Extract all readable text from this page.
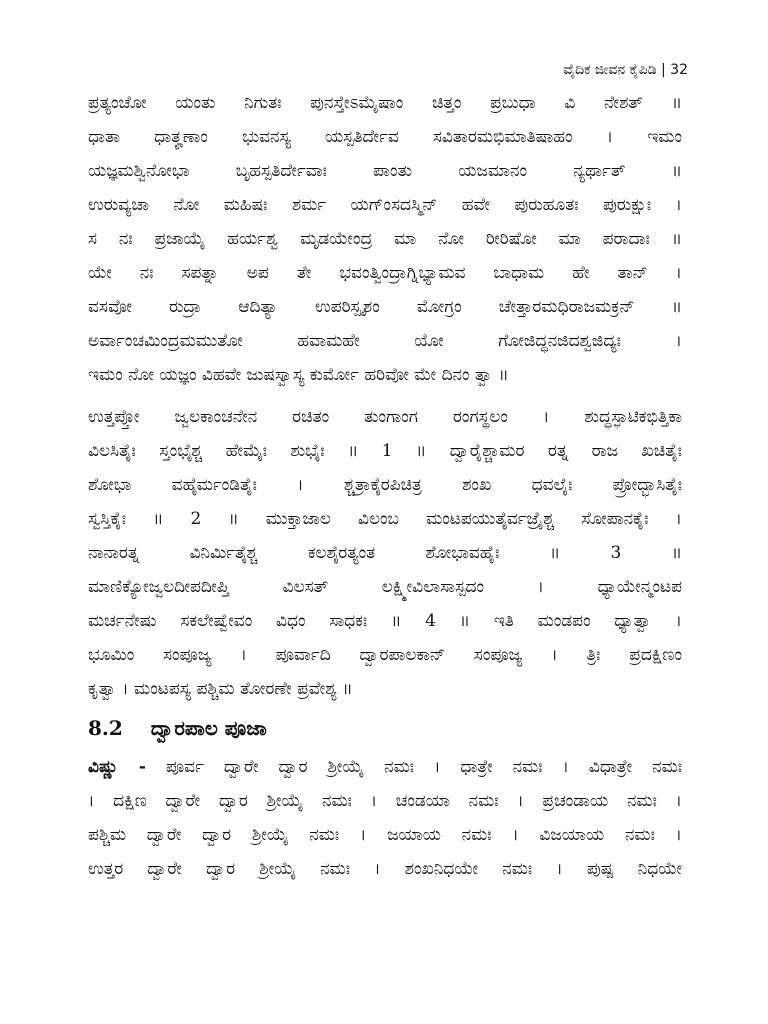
ವೈದಿಕ ಜೀವನ ಕೈಪಿಡಿ | 32
ಪ್ರತ್ಯಂಚೋ ಯಂತು ನಿಗುತಃ ಪುನಸ್ತೇಽಮೈಷಾಂ ಚಿತ್ತಂ ಪ್ರಬುಧಾ ವಿ ನೇಶತ್ ॥
ಧಾತಾ ಧಾತೄಣಾಂ ಭುವನಸ್ಯ ಯಸ್ಪತಿರ್ದೇವ ಸವಿತಾರಮಭಿಮಾತಿಷಾಹಂ । ಇಮಂ
ಯಜ್ಞಮಶ್ವಿನೋಭಾ ಬೃಹಸ್ಪತಿರ್ದೇವಾಃ ಪಾಂತು ಯಜಮಾನಂ ನ್ಯರ್ಥಾತ್ ॥
ಉರುವ್ಯಚಾ ನೋ ಮಹಿಷಃ ಶರ್ಮ ಯಗ್ಂಸದಸ್ಮಿನ್ ಹವೇ ಪುರುಹೂತಃ ಪುರುಕ್ಷುಃ ।
ಸ ನಃ ಪ್ರಜಾಯೈ ಹರ್ಯಶ್ವ ಮೃಡಯೇಂದ್ರ ಮಾ ನೋ ರೀರಿಷೋ ಮಾ ಪರಾದಾಃ ॥
ಯೇ ನಃ ಸಪತ್ನಾ ಅಪ ತೇ ಭವಂತ್ವಿಂದ್ರಾಗ್ನಿಭ್ಯಾಮವ ಬಾಧಾಮ ಹೇ ತಾನ್ ।
ವಸವೋ ರುದ್ರಾ ಆದಿತ್ಯಾ ಉಪರಿಸ್ಪೃಶಂ ಮೋಗ್ರಂ ಚೇತ್ತಾರಮಧಿರಾಜಮಕ್ರನ್ ॥
ಅರ್ವಾಂಚಮಿಂದ್ರಮಮುತೋ ಹವಾಮಹೇ ಯೋ ಗೋಜಿದ್ಧನಜಿದಶ್ವಜಿದ್ಯಃ ।
ಇಮಂ ನೋ ಯಜ್ಞಂ ವಿಹವೇ ಜುಷಸ್ವಾಸ್ಯ ಕುರ್ಮೋ ಹರಿವೋ ಮೇ ದಿನಂ ತ್ವಾ ॥
ಉತ್ತಪ್ತೋ ಜ್ವಲಕಾಂಚನೇನ ರಚಿತಂ ತುಂಗಾಂಗ ರಂಗಸ್ಥಲಂ । ಶುದ್ಧಸ್ಫಾಟಿಕಭಿತ್ತಿಕಾ
ವಿಲಸಿತೈಃ ಸ್ತಂಭೈಶ್ಚ ಹೇಮೈಃ ಶುಭೈಃ ॥ 1 ॥ ದ್ವಾರೈಶ್ಚಾಮರ ರತ್ನ ರಾಜ ಖಚಿತೈಃ
ಶೋಭಾ ವಹೈರ್ಮಂಡಿತೈಃ । ಶ್ಚತ್ರಾಕೈರಪಿಚಿತ್ರ ಶಂಖ ಧವಲೈಃ ಪ್ರೋದ್ಭಾಸಿತೈಃ
ಸ್ವಸ್ತಿಕೈಃ ॥ 2 ॥ ಮುಕ್ತಾಜಾಲ ವಿಲಂಬ ಮಂಟಪಯುತೈರ್ವಜ್ರೈಶ್ಚ ಸೋಪಾನಕೈಃ ।
ನಾನಾರತ್ನ ವಿನಿರ್ಮಿತೈಶ್ಚ ಕಲಶೈರತ್ಯಂತ ಶೋಭಾವಹೈಃ ॥ 3 ॥
ಮಾಣಿಕ್ಯೋಜ್ವಲದೀಪದೀಪ್ತಿ ವಿಲಸತ್ ಲಕ್ಷ್ಮೀವಿಲಾಸಾಸ್ಪದಂ । ಧ್ಯಾಯೇನ್ಮಂಟಪ
ಮರ್ಚನೇಷು ಸಕಲೇಷ್ವೇವಂ ವಿಧಂ ಸಾಧಕಃ ॥ 4 ॥ ಇತಿ ಮಂಡಪಂ ಧ್ಯಾತ್ವಾ ।
ಭೂಮಿಂ ಸಂಪೂಜ್ಯ । ಪೂರ್ವಾದಿ ದ್ವಾರಪಾಲಕಾನ್ ಸಂಪೂಜ್ಯ । ತ್ರಿಃ ಪ್ರದಕ್ಷಿಣಂ
ಕೃತ್ವಾ । ಮಂಟಪಸ್ಯ ಪಶ್ಚಿಮ ತೋರಣೇ ಪ್ರವೇಶ್ಯ ॥
8.2 ದ್ವಾರಪಾಲ ಪೂಜಾ
ವಿಷ್ಣು - ಪೂರ್ವ ದ್ವಾರೇ ದ್ವಾರ ಶ್ರೀಯೈ ನಮಃ । ಧಾತ್ರೇ ನಮಃ । ವಿಧಾತ್ರೇ ನಮಃ
। ದಕ್ಷಿಣ ದ್ವಾರೇ ದ್ವಾರ ಶ್ರೀಯೈ ನಮಃ । ಚಂಡಯಾ ನಮಃ । ಪ್ರಚಂಡಾಯ ನಮಃ ।
ಪಶ್ಚಿಮ ದ್ವಾರೇ ದ್ವಾರ ಶ್ರೀಯೈ ನಮಃ । ಜಯಾಯ ನಮಃ । ವಿಜಯಾಯ ನಮಃ ।
ಉತ್ತರ ದ್ವಾರೇ ದ್ವಾರ ಶ್ರೀಯೈ ನಮಃ । ಶಂಖನಿಧಯೇ ನಮಃ । ಪುಷ್ಪ ನಿಧಯೇ
